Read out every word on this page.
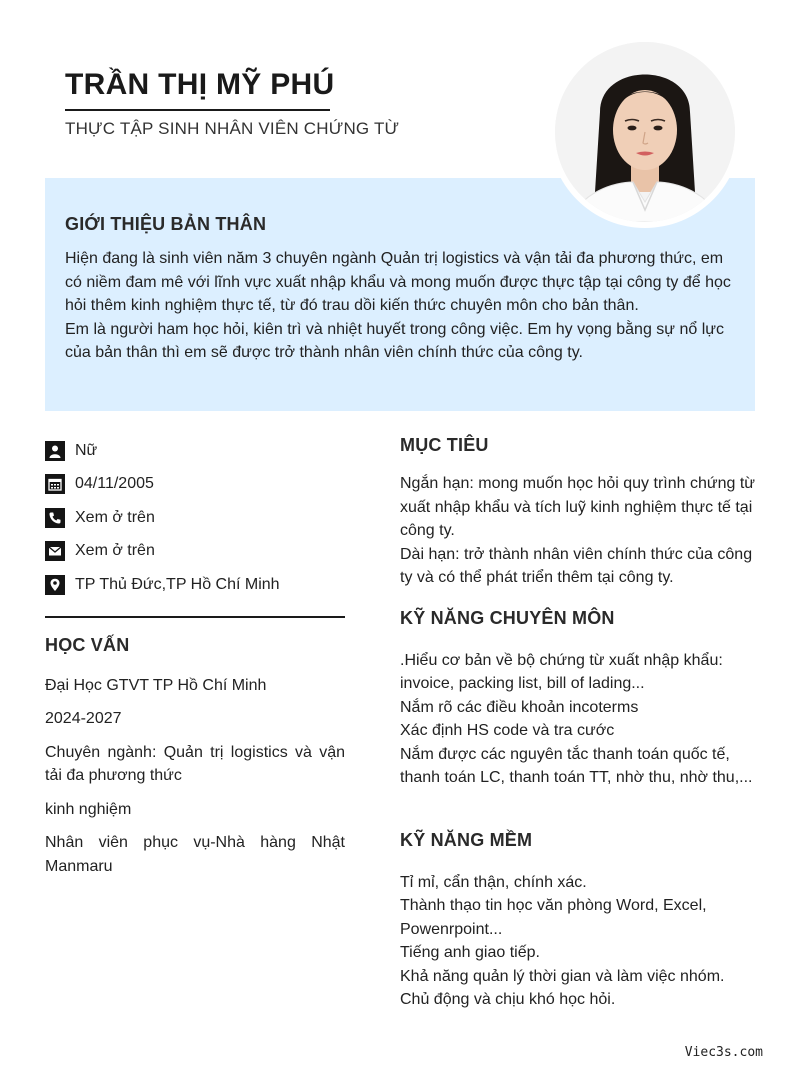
TRẦN THỊ MỸ PHÚ
THỰC TẬP SINH NHÂN VIÊN CHỨNG TỪ
GIỚI THIỆU BẢN THÂN

Hiện đang là sinh viên năm 3 chuyên ngành Quản trị logistics và vận tải đa phương thức, em có niềm đam mê với lĩnh vực xuất nhập khẩu và mong muốn được thực tập tại công ty để học hỏi thêm kinh nghiệm thực tế, từ đó trau dồi kiến thức chuyên môn cho bản thân.

Em là người ham học hỏi, kiên trì và nhiệt huyết trong công việc. Em hy vọng bằng sự nổ lực của bản thân thì em sẽ được trở thành nhân viên chính thức của công ty.

Nữ
04/11/2005
Xem ở trên
Xem ở trên
TP Thủ Đức,TP Hồ Chí Minh
HỌC VẤN

Đại Học GTVT TP Hồ Chí Minh

2024-2027

Chuyên ngành: Quản trị logistics và vận tải đa phương thức

kinh nghiệm

Nhân viên phục vụ-Nhà hàng Nhật Manmaru

MỤC TIÊU

Ngắn hạn: mong muốn học hỏi quy trình chứng từ xuất nhập khẩu và tích luỹ kinh nghiệm thực tế tại công ty.

Dài hạn: trở thành nhân viên chính thức của công ty và có thể phát triển thêm tại công ty.

KỸ NĂNG CHUYÊN MÔN

.Hiểu cơ bản về bộ chứng từ xuất nhập khẩu: invoice, packing list, bill of lading...

Nắm rõ các điều khoản incoterms

Xác định HS code và tra cước

Nắm được các nguyên tắc thanh toán quốc tế, thanh toán LC, thanh toán TT, nhờ thu, nhờ thu,...

KỸ NĂNG MỀM

Tỉ mỉ, cẩn thận, chính xác.

Thành thạo tin học văn phòng Word, Excel, Powenrpoint...

Tiếng anh giao tiếp.

Khả năng quản lý thời gian và làm việc nhóm.

Chủ động và chịu khó học hỏi.

Viec3s.com
